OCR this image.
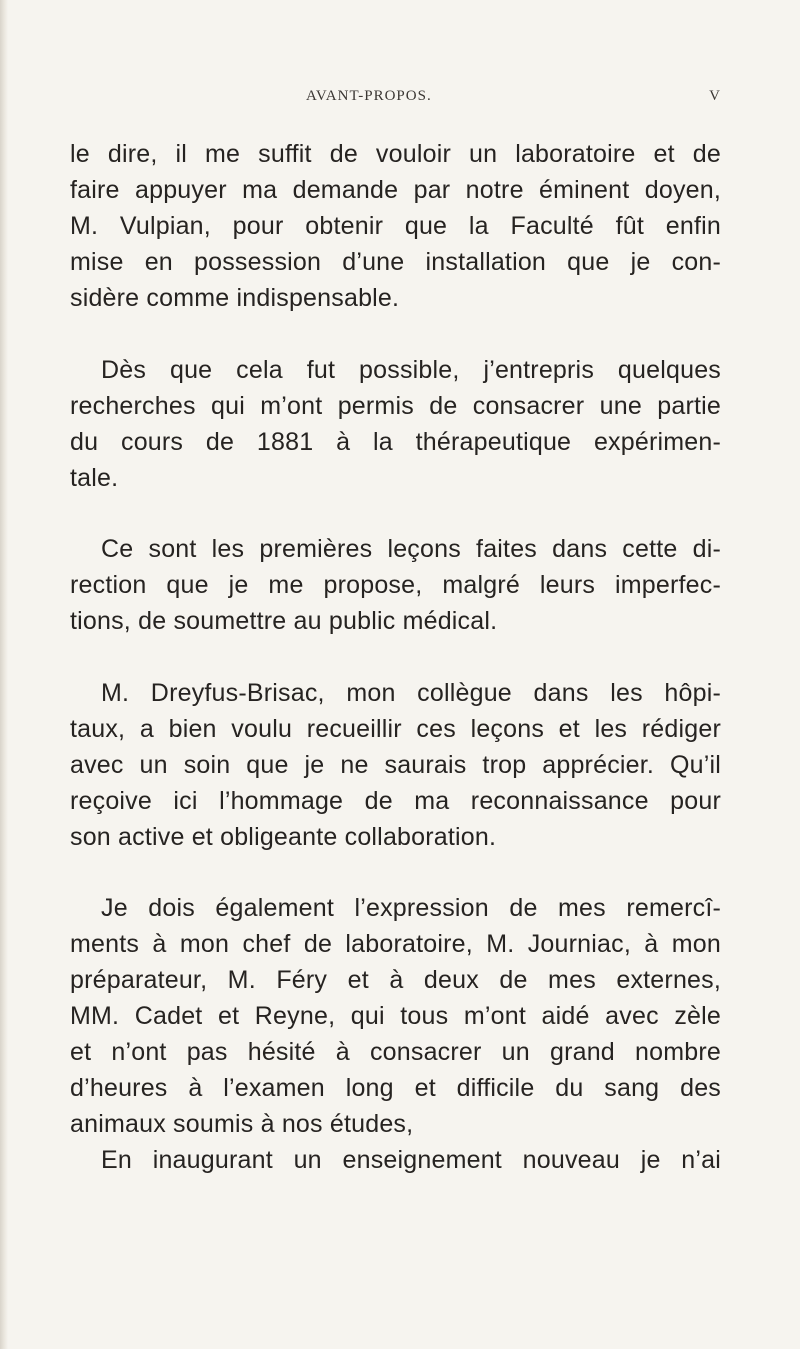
AVANT-PROPOS.	V
le dire, il me suffit de vouloir un laboratoire et de
faire appuyer ma demande par notre éminent doyen,
M. Vulpian, pour obtenir que la Faculté fût enfin
mise en possession d’une installation que je con-
sidère comme indispensable.
Dès que cela fut possible, j’entrepris quelques
recherches qui m’ont permis de consacrer une partie
du cours de 1881 à la thérapeutique expérimen-
tale.
Ce sont les premières leçons faites dans cette di-
rection que je me propose, malgré leurs imperfec-
tions, de soumettre au public médical.
M. Dreyfus-Brisac, mon collègue dans les hôpi-
taux, a bien voulu recueillir ces leçons et les rédiger
avec un soin que je ne saurais trop apprécier. Qu’il
reçoive ici l’hommage de ma reconnaissance pour
son active et obligeante collaboration.
Je dois également l’expression de mes remercî-
ments à mon chef de laboratoire, M. Journiac, à mon
préparateur, M. Féry et à deux de mes externes,
MM. Cadet et Reyne, qui tous m’ont aidé avec zèle
et n’ont pas hésité à consacrer un grand nombre
d’heures à l’examen long et difficile du sang des
animaux soumis à nos études,
En inaugurant un enseignement nouveau je n’ai
